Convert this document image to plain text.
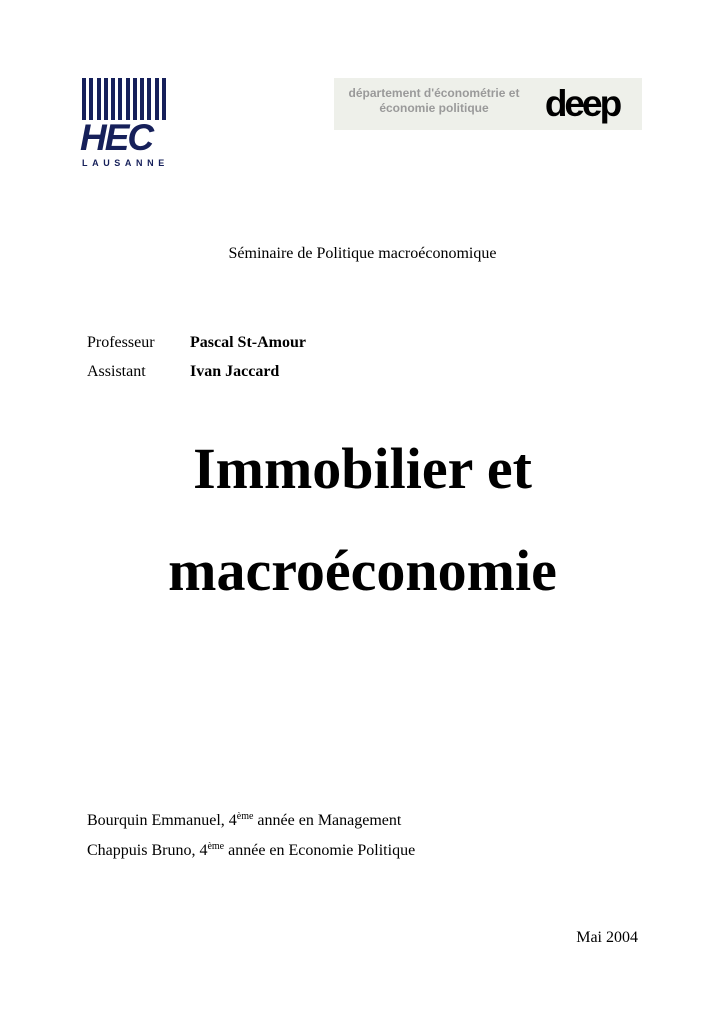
HEC
LAUSANNE
département d'économétrie et
économie politique	deep
Séminaire de Politique macroéconomique
Professeur Pascal St-Amour
Assistant	Ivan Jaccard
Immobilier et
macroéconomie
Bourquin Emmanuel, 4ème année en Management
Chappuis Bruno, 4ème année en Economie Politique
Mai 2004
